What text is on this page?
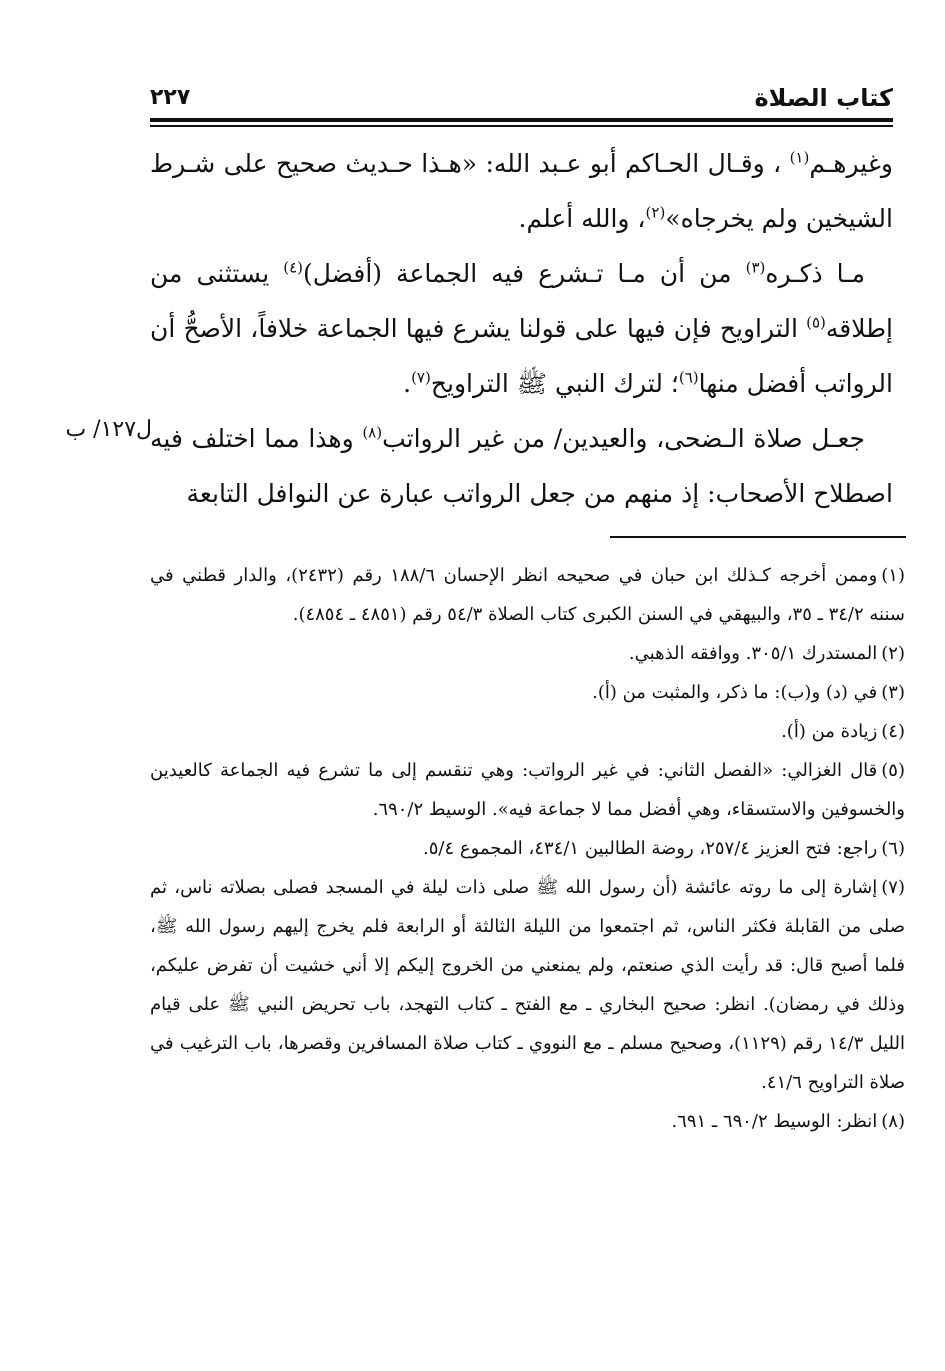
كتاب الصلاة
٢٢٧
ل١٢٧/ ب

وغيرهـم$^{(١)}$ ، وقـال الحـاكم أبو عـبد الله: «هـذا حـديث صحيح على شـرط الشيخين ولم يخرجاه»$^{(٢)}$، والله أعلم.

مـا ذكـره$^{(٣)}$ من أن مـا تـشرع فيه الجماعة (أفضل)$^{(٤)}$ يستثنى من إطلاقه$^{(٥)}$ التراويح فإن فيها على قولنا يشرع فيها الجماعة خلافاً، الأصحُّ أن الرواتب أفضل منها$^{(٦)}$؛ لترك النبي ﷺ التراويح$^{(٧)}$.

جعـل صلاة الـضحى، والعيدين/ من غير الرواتب$^{(٨)}$ وهذا مما اختلف فيه اصطلاح الأصحاب: إذ منهم من جعل الرواتب عبارة عن النوافل التابعة

(١)وممن أخرجه كـذلك ابن حبان في صحيحه انظر الإحسان ١٨٨/٦ رقم (٢٤٣٢)، والدار قطني في سننه ٣٤/٢ ـ ٣٥، والبيهقي في السنن الكبرى كتاب الصلاة ٥٤/٣ رقم (٤٨٥١ ـ ٤٨٥٤).

(٢)المستدرك ٣٠٥/١. ووافقه الذهبي.

(٣)في (د) و(ب): ما ذكر، والمثبت من (أ).

(٤)زيادة من (أ).

(٥)قال الغزالي: «الفصل الثاني: في غير الرواتب: وهي تنقسم إلى ما تشرع فيه الجماعة كالعيدين والخسوفين والاستسقاء، وهي أفضل مما لا جماعة فيه». الوسيط ٦٩٠/٢.

(٦)راجع: فتح العزيز ٢٥٧/٤، روضة الطالبين ٤٣٤/١، المجموع ٥/٤.

(٧)إشارة إلى ما روته عائشة (أن رسول الله ﷺ صلى ذات ليلة في المسجد فصلى بصلاته ناس، ثم صلى من القابلة فكثر الناس، ثم اجتمعوا من الليلة الثالثة أو الرابعة فلم يخرج إليهم رسول الله ﷺ، فلما أصبح قال: قد رأيت الذي صنعتم، ولم يمنعني من الخروج إليكم إلا أني خشيت أن تفرض عليكم، وذلك في رمضان). انظر: صحيح البخاري ـ مع الفتح ـ كتاب التهجد، باب تحريض النبي ﷺ على قيام الليل ١٤/٣ رقم (١١٢٩)، وصحيح مسلم ـ مع النووي ـ كتاب صلاة المسافرين وقصرها، باب الترغيب في صلاة التراويح ٤١/٦.

(٨)انظر: الوسيط ٦٩٠/٢ ـ ٦٩١.
